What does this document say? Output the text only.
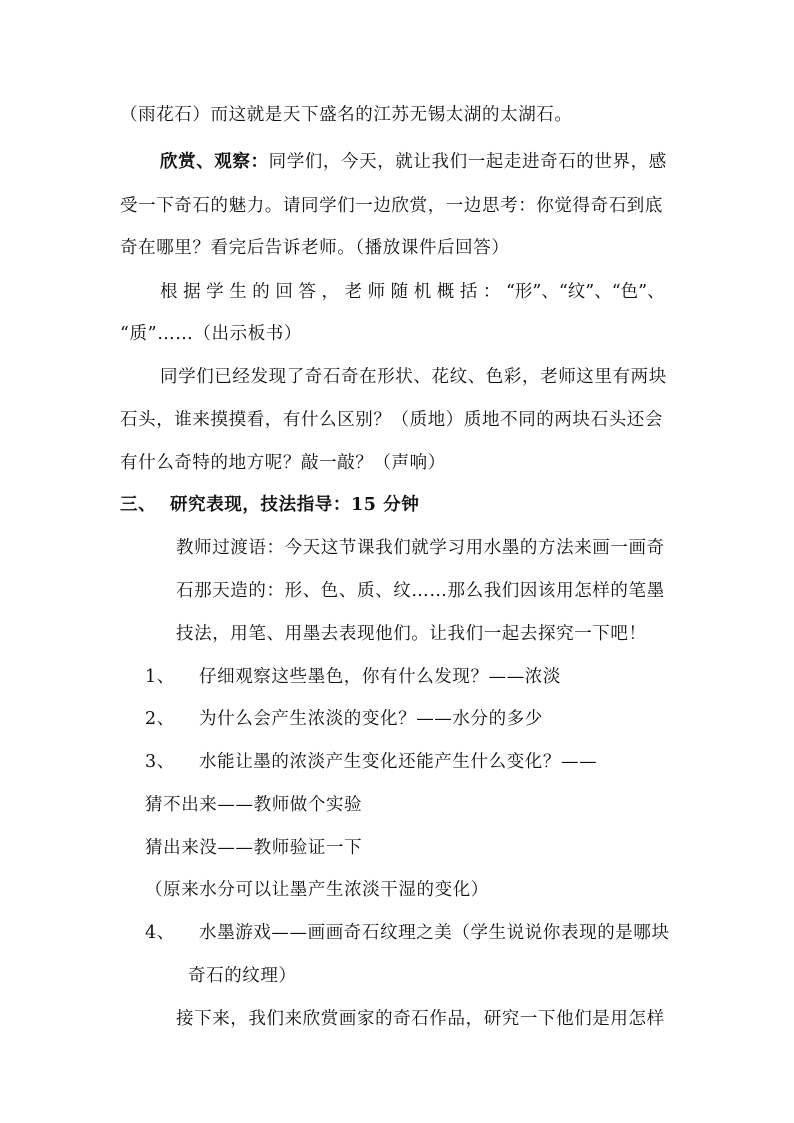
（雨花石）而这就是天下盛名的江苏无锡太湖的太湖石。
欣赏、观察：同学们，今天，就让我们一起走进奇石的世界，感
受一下奇石的魅力。请同学们一边欣赏，一边思考：你觉得奇石到底
奇在哪里？看完后告诉老师。（播放课件后回答）
根 据 学 生 的 回 答 ， 老 师 随 机 概 括 ： “形”、“纹”、“色”、
“质”……（出示板书）
同学们已经发现了奇石奇在形状、花纹、色彩，老师这里有两块
石头，谁来摸摸看，有什么区别？（质地）质地不同的两块石头还会
有什么奇特的地方呢？敲一敲？（声响）
三、 研究表现，技法指导：15 分钟
教师过渡语：今天这节课我们就学习用水墨的方法来画一画奇
石那天造的：形、色、质、纹……那么我们因该用怎样的笔墨
技法，用笔、用墨去表现他们。让我们一起去探究一下吧！
1、 仔细观察这些墨色，你有什么发现？——浓淡
2、 为什么会产生浓淡的变化？——水分的多少
3、 水能让墨的浓淡产生变化还能产生什么变化？——
猜不出来——教师做个实验
猜出来没——教师验证一下
（原来水分可以让墨产生浓淡干湿的变化）
4、 水墨游戏——画画奇石纹理之美（学生说说你表现的是哪块
奇石的纹理）
接下来，我们来欣赏画家的奇石作品，研究一下他们是用怎样
